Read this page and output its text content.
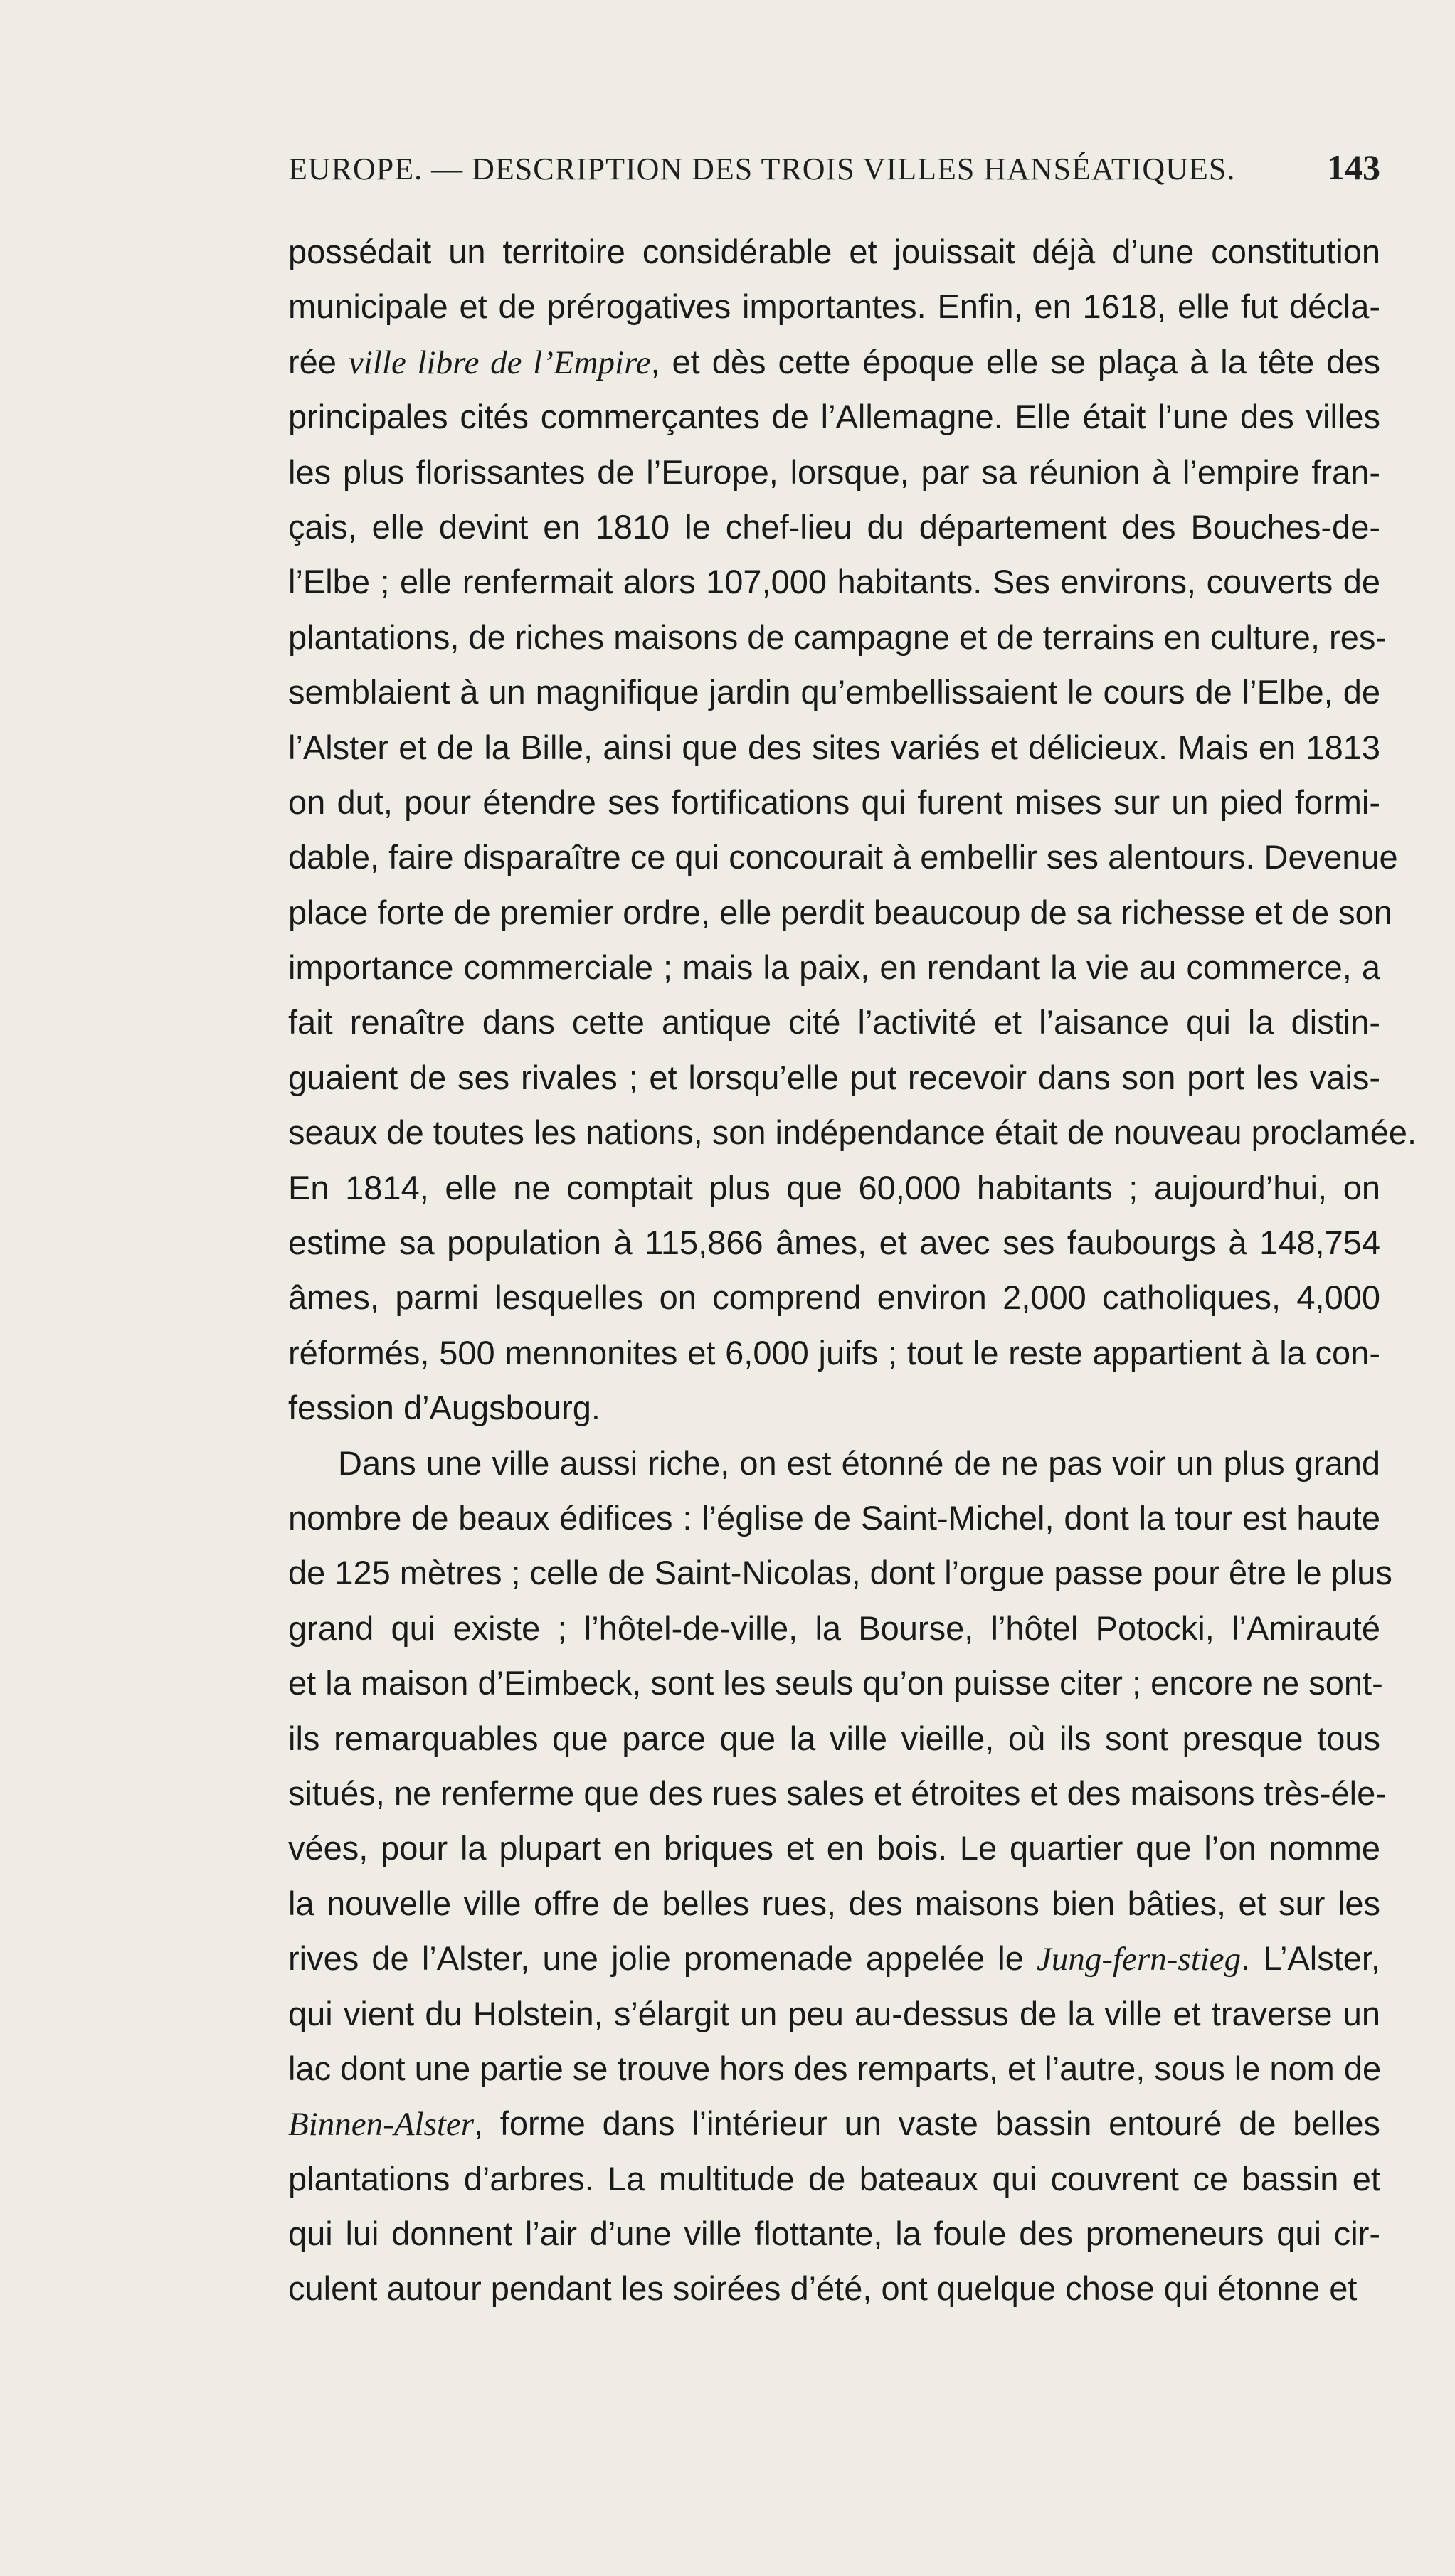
EUROPE. — DESCRIPTION DES TROIS VILLES HANSÉATIQUES.	143
possédait un territoire considérable et jouissait déjà d’une constitution
municipale et de prérogatives importantes. Enfin, en 1618, elle fut décla-
rée ville libre de l’Empire, et dès cette époque elle se plaça à la tête des
principales cités commerçantes de l’Allemagne. Elle était l’une des villes
les plus florissantes de l’Europe, lorsque, par sa réunion à l’empire fran-
çais, elle devint en 1810 le chef-lieu du département des Bouches-de-
l’Elbe ; elle renfermait alors 107,000 habitants. Ses environs, couverts de
plantations, de riches maisons de campagne et de terrains en culture, res-
semblaient à un magnifique jardin qu’embellissaient le cours de l’Elbe, de
l’Alster et de la Bille, ainsi que des sites variés et délicieux. Mais en 1813
on dut, pour étendre ses fortifications qui furent mises sur un pied formi-
dable, faire disparaître ce qui concourait à embellir ses alentours. Devenue
place forte de premier ordre, elle perdit beaucoup de sa richesse et de son
importance commerciale ; mais la paix, en rendant la vie au commerce, a
fait renaître dans cette antique cité l’activité et l’aisance qui la distin-
guaient de ses rivales ; et lorsqu’elle put recevoir dans son port les vais-
seaux de toutes les nations, son indépendance était de nouveau proclamée.
En 1814, elle ne comptait plus que 60,000 habitants ; aujourd’hui, on
estime sa population à 115,866 âmes, et avec ses faubourgs à 148,754
âmes, parmi lesquelles on comprend environ 2,000 catholiques, 4,000
réformés, 500 mennonites et 6,000 juifs ; tout le reste appartient à la con-
fession d’Augsbourg.
Dans une ville aussi riche, on est étonné de ne pas voir un plus grand
nombre de beaux édifices : l’église de Saint-Michel, dont la tour est haute
de 125 mètres ; celle de Saint-Nicolas, dont l’orgue passe pour être le plus
grand qui existe ; l’hôtel-de-ville, la Bourse, l’hôtel Potocki, l’Amirauté
et la maison d’Eimbeck, sont les seuls qu’on puisse citer ; encore ne sont-
ils remarquables que parce que la ville vieille, où ils sont presque tous
situés, ne renferme que des rues sales et étroites et des maisons très-éle-
vées, pour la plupart en briques et en bois. Le quartier que l’on nomme
la nouvelle ville offre de belles rues, des maisons bien bâties, et sur les
rives de l’Alster, une jolie promenade appelée le Jung-fern-stieg. L’Alster,
qui vient du Holstein, s’élargit un peu au-dessus de la ville et traverse un
lac dont une partie se trouve hors des remparts, et l’autre, sous le nom de
Binnen-Alster, forme dans l’intérieur un vaste bassin entouré de belles
plantations d’arbres. La multitude de bateaux qui couvrent ce bassin et
qui lui donnent l’air d’une ville flottante, la foule des promeneurs qui cir-
culent autour pendant les soirées d’été, ont quelque chose qui étonne et
